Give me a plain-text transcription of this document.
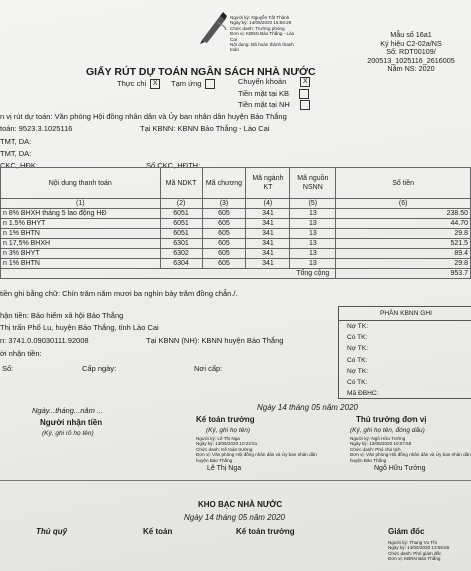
Người ký: Nguyễn Tất Thành
Ngày ký: 14/05/2020 15:56:28
Chức danh: Trưởng phòng
Đơn vị: KBNN Bảo Thắng - Lào
Cai
Nội dung: Đã hoàn thành thanh
toán
Mẫu số 16a1
Ký hiệu C2-02a/NS
Số: RDT00109/
200513_1025116_2616005
Năm NS: 2020
GIẤY RÚT DỰ TOÁN NGÂN SÁCH NHÀ NƯỚC
Thực chi X	Tạm ứng	Chuyển khoản X
Tiền mặt tại KB
Tiền mặt tại NH
n vị rút dự toán: Văn phòng Hội đồng nhân dân và Ủy ban nhân dân huyện Bảo Thắng
toản: 9523.3.1025116	Tại KBNN: KBNN Bảo Thắng - Lào Cai
TMT, DA:
TMT, DA:
CKC, HĐK:	Số CKC, HĐTH:
Nội dung thanh toán	Mã NDKT	Mã chương	Mã ngành KT	Mã nguồn NSNN	Số tiền
(1)	(2)	(3)	(4)	(5)	(6)
n 8% BHXH tháng 5 lao động HĐ	6051	605	341	13	238.50
n 1.5% BHYT	6051	605	341	13	44.70
n 1% BHTN	6051	605	341	13	29.8
n 17,5% BHXH	6301	605	341	13	521.5
n 3% BHYT	6302	605	341	13	89.4
n 1% BHTN	6304	605	341	13	29.8
Tổng cộng					953.7
tiền ghi bằng chữ: Chín trăm năm mươi ba nghìn bảy trăm đồng chẵn./.
hận tiền: Bảo hiểm xã hội Bảo Thắng
Thị trấn Phố Lu, huyện Bảo Thắng, tỉnh Lào Cai
n: 3741.0.09030111.92008	Tại KBNN (NH): KBNN huyện Bảo Thắng
ời nhận tiền:
Số:	Cấp ngày:	Nơi cấp:
PHẦN KBNN GHI
Nợ TK:
Có TK:
Nợ TK:
Có TK:
Nợ TK:
Có TK:
Mã ĐBHC:
Ngày...tháng...năm ...
Người nhận tiền
(Ký, ghi rõ họ tên)
Ngày 14 tháng 05 năm 2020
Kế toán trưởng
(Ký, ghi họ tên)
Thủ trưởng đơn vị
(Ký, ghi họ tên, đóng dấu)
Người ký: Lê Thị Nga
Ngày ký: 13/05/2020 10:22:51
Chức danh: Kế toán trưởng
Đơn vị: Văn phòng Hội đồng nhân dân và Ủy ban nhân dân
huyện Bảo Thắng
Người ký: Ngô Hữu Tưởng
Ngày ký: 13/05/2020 10:07:58
Chức danh: Phó chủ tịch
Đơn vị: Văn phòng Hội đồng nhân dân và Ủy ban nhân dân
huyện Bảo Thắng
Lê Thị Nga	Ngô Hữu Tưởng
KHO BẠC NHÀ NƯỚC
Ngày 14 tháng 05 năm 2020
Thủ quỹ	Kế toán	Kế toán trưởng	Giám đốc
Người ký: Thang Vu Thi
Ngày ký: 14/05/2020 13:56:55
Chức danh: Phó giám đốc
Đơn vị: KBNN Bảo Thắng
